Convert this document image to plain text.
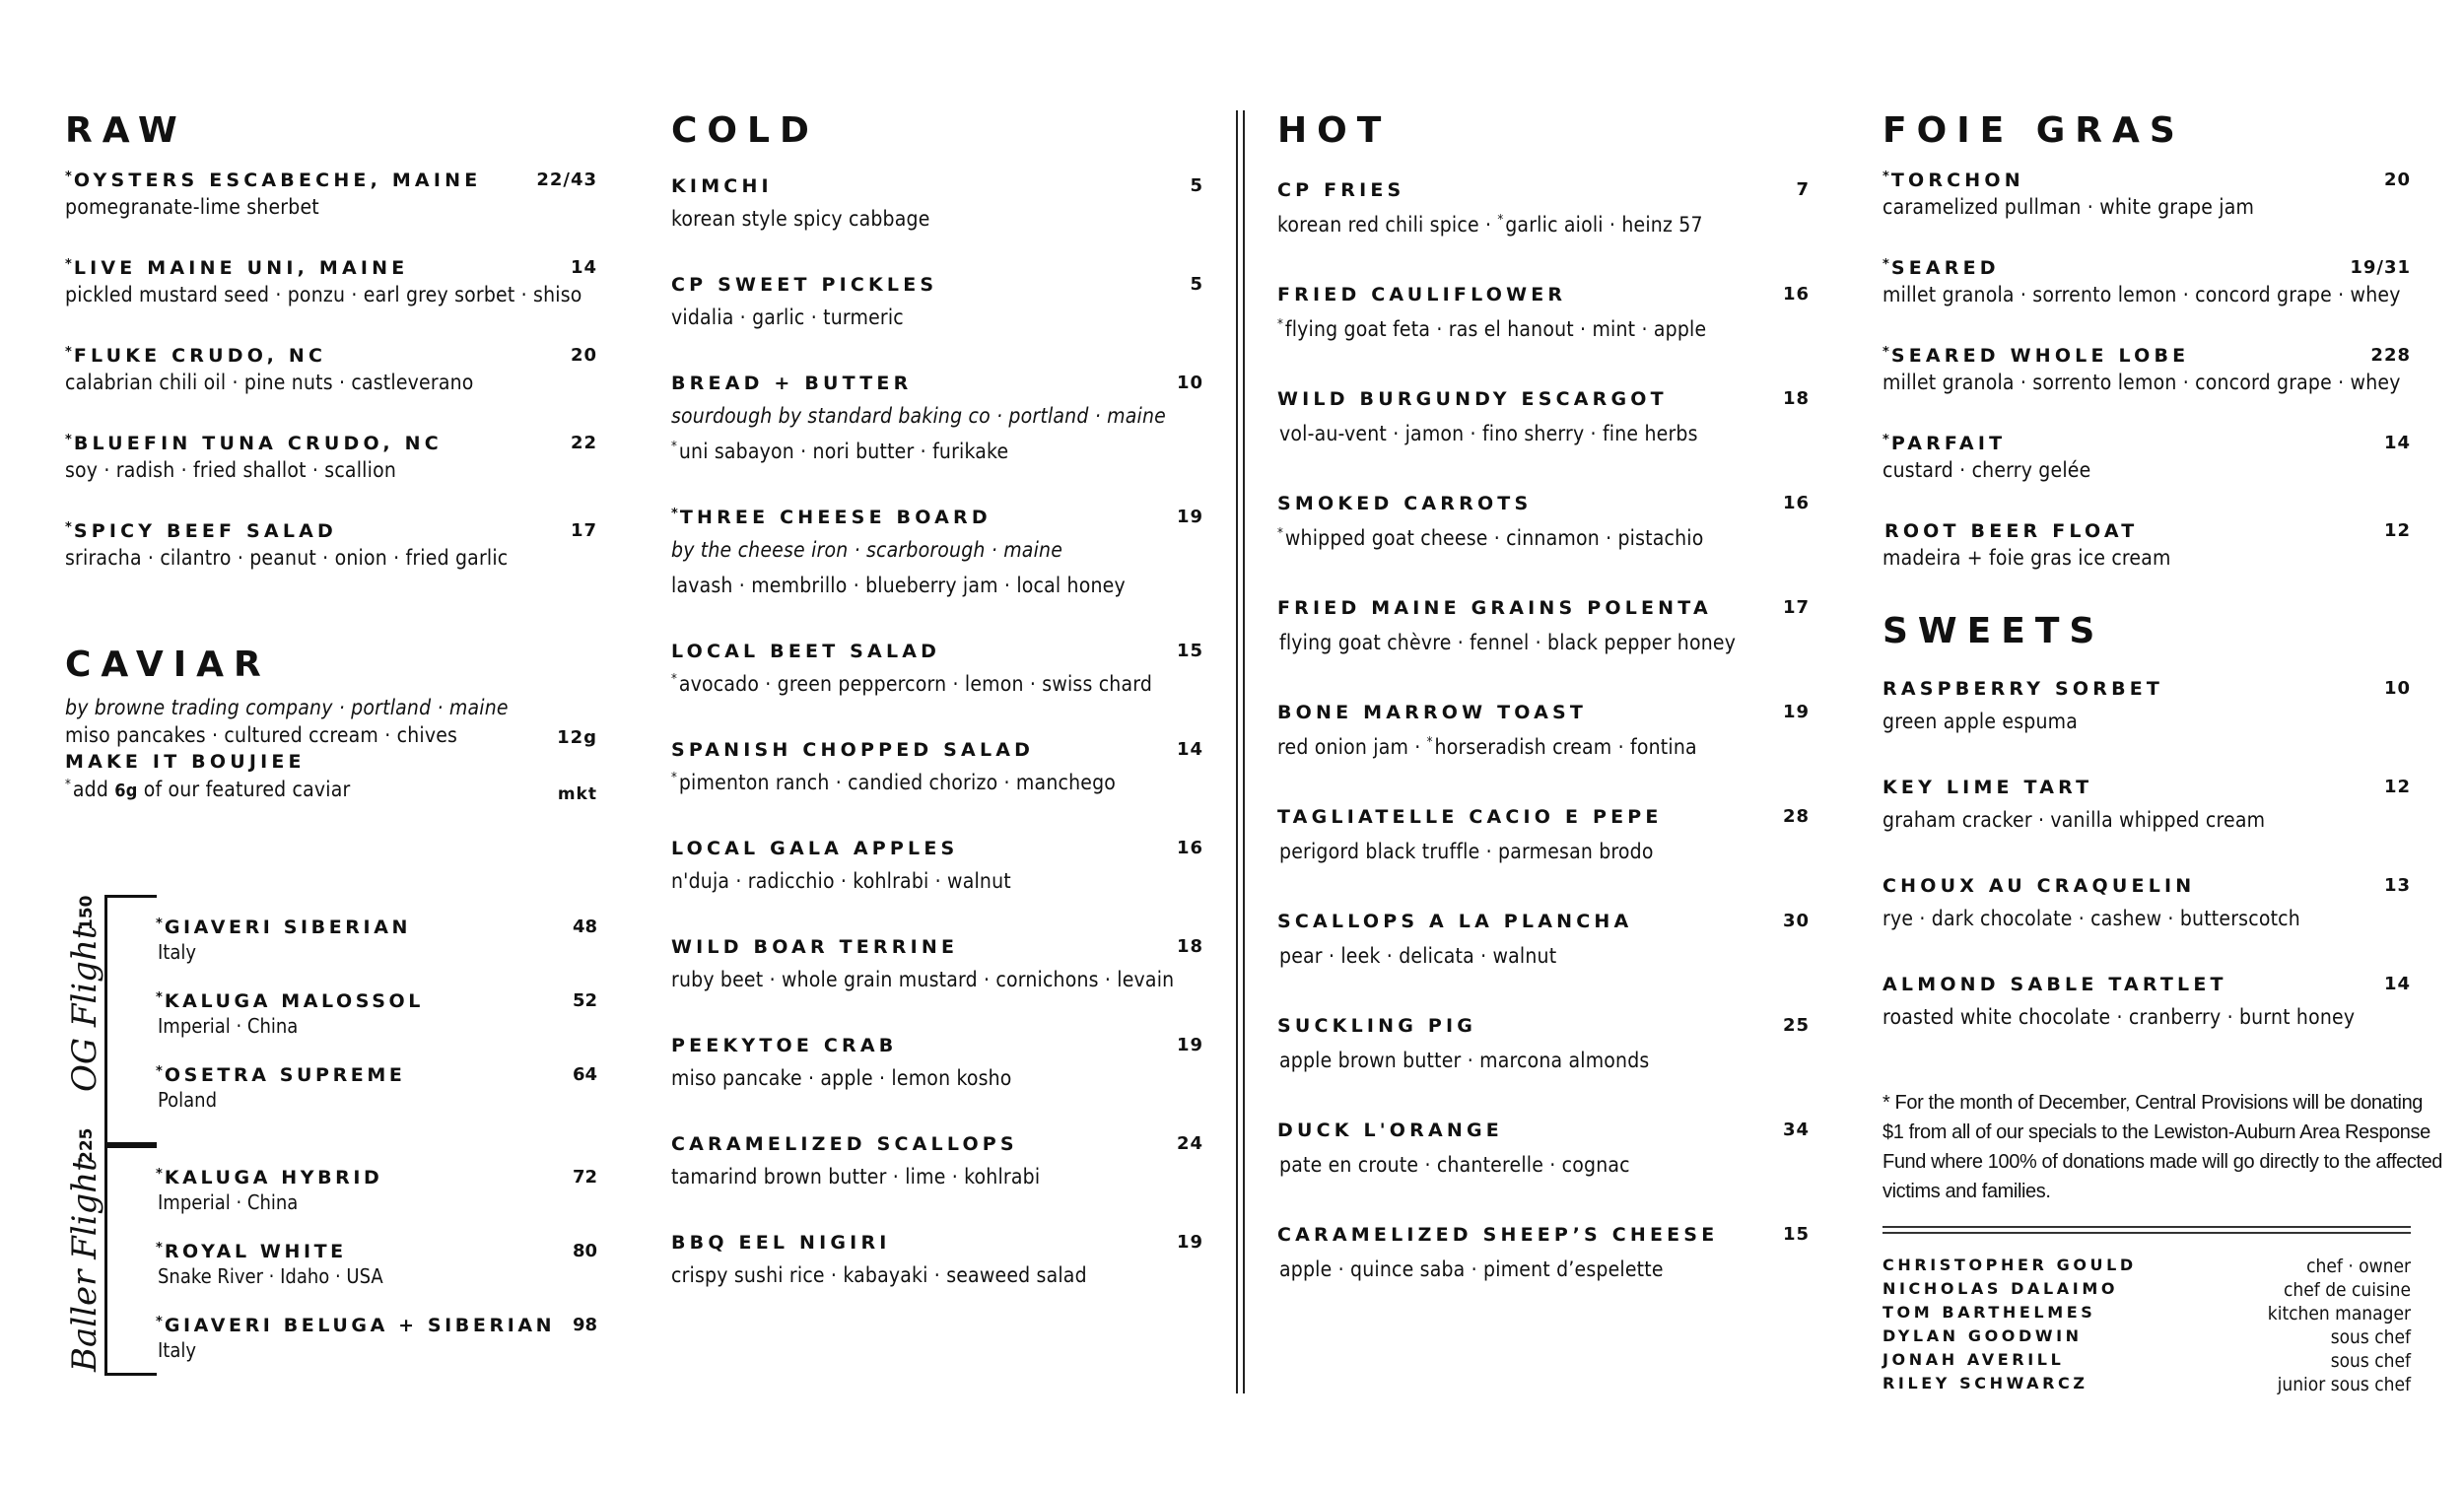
RAW
* OYSTERS ESCABECHE, MAINE	22/43
pomegranate-lime sherbet
* LIVE MAINE UNI, MAINE	14
pickled mustard seed · ponzu · earl grey sorbet · shiso
* FLUKE CRUDO, NC	20
calabrian chili oil · pine nuts · castleverano
* BLUEFIN TUNA CRUDO, NC	22
soy · radish · fried shallot · scallion
* SPICY BEEF SALAD	17
sriracha · cilantro · peanut · onion · fried garlic
CAVIAR
by browne trading company · portland · maine
miso pancakes · cultured ccream · chives	12g
MAKE IT BOUJIEE
*add 6g of our featured caviar	mkt
OG Flight
150	* GIAVERI SIBERIAN	48
Italy
* KALUGA MALOSSOL	52
Imperial · China
* OSETRA SUPREME	64
Poland
Baller Flight
225
* KALUGA HYBRID	72
Imperial · China
* ROYAL WHITE	80
Snake River · Idaho · USA
* GIAVERI BELUGA + SIBERIAN 98
Italy
COLD
KIMCHI	5
korean style spicy cabbage
CP SWEET PICKLES	5
vidalia · garlic · turmeric
BREAD + BUTTER	10
sourdough by standard baking co · portland · maine
*uni sabayon · nori butter · furikake
* THREE CHEESE BOARD	19
by the cheese iron · scarborough · maine
lavash · membrillo · blueberry jam · local honey
LOCAL BEET SALAD	15
*avocado · green peppercorn · lemon · swiss chard
SPANISH CHOPPED SALAD	14
*pimenton ranch · candied chorizo · manchego
LOCAL GALA APPLES	16
n'duja · radicchio · kohlrabi · walnut
WILD BOAR TERRINE	18
ruby beet · whole grain mustard · cornichons · levain
PEEKYTOE CRAB	19
miso pancake · apple · lemon kosho
CARAMELIZED SCALLOPS	24
tamarind brown butter · lime · kohlrabi
BBQ EEL NIGIRI	19
crispy sushi rice · kabayaki · seaweed salad
HOT
CP FRIES	7
korean red chili spice · *garlic aioli · heinz 57
FRIED CAULIFLOWER	16
*flying goat feta · ras el hanout · mint · apple
WILD BURGUNDY ESCARGOT	18
vol-au-vent · jamon · fino sherry · fine herbs
SMOKED CARROTS	16
*whipped goat cheese · cinnamon · pistachio
FRIED MAINE GRAINS POLENTA	17
flying goat chèvre · fennel · black pepper honey
BONE MARROW TOAST	19
red onion jam · *horseradish cream · fontina
TAGLIATELLE CACIO E PEPE	28
perigord black truffle · parmesan brodo
SCALLOPS A LA PLANCHA	30
pear · leek · delicata · walnut
SUCKLING PIG	25
apple brown butter · marcona almonds
DUCK L'ORANGE	34
pate en croute · chanterelle · cognac
CARAMELIZED SHEEP’S CHEESE	15
apple · quince saba · piment d’espelette
FOIE GRAS
* TORCHON	20
caramelized pullman · white grape jam
* SEARED	19/31
millet granola · sorrento lemon · concord grape · whey
* SEARED WHOLE LOBE	228
millet granola · sorrento lemon · concord grape · whey
* PARFAIT	14
custard · cherry gelée
ROOT BEER FLOAT	12
madeira + foie gras ice cream
SWEETS
RASPBERRY SORBET	10
green apple espuma
KEY LIME TART	12
graham cracker · vanilla whipped cream
CHOUX AU CRAQUELIN	13
rye · dark chocolate · cashew · butterscotch
ALMOND SABLE TARTLET	14
roasted white chocolate · cranberry · burnt honey
* For the month of December, Central Provisions will be donating
$1 from all of our specials to the Lewiston-Auburn Area Response
Fund where 100% of donations made will go directly to the affected
victims and families.
CHRISTOPHER GOULD	chef · owner
NICHOLAS DALAIMO	chef de cuisine
TOM BARTHELMES	kitchen manager
DYLAN GOODWIN	sous chef
JONAH AVERILL	sous chef
RILEY SCHWARCZ	junior sous chef
